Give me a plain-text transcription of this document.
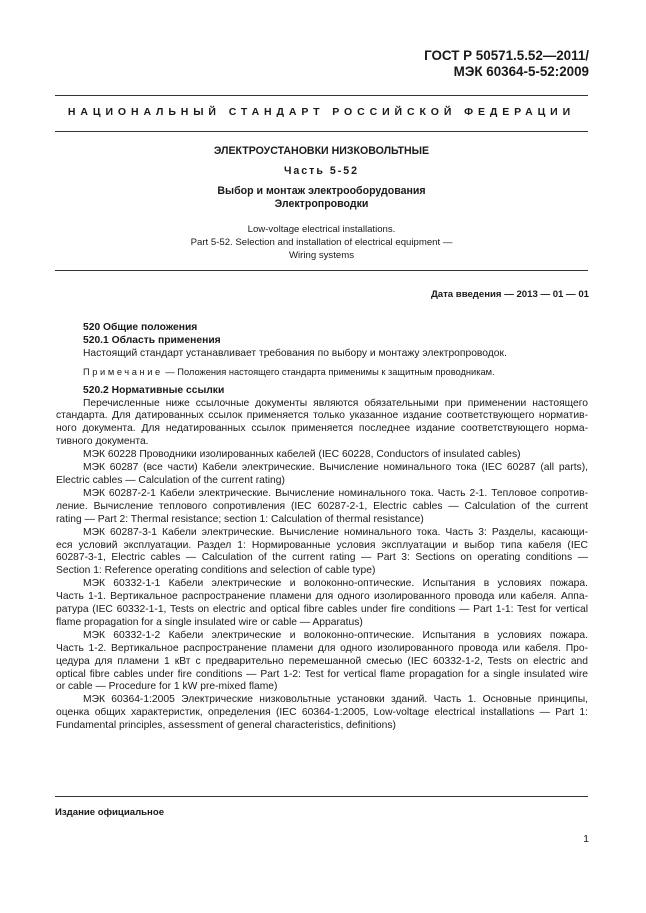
ГОСТ Р 50571.5.52—2011/
МЭК 60364-5-52:2009
НАЦИОНАЛЬНЫЙ СТАНДАРТ РОССИЙСКОЙ ФЕДЕРАЦИИ
ЭЛЕКТРОУСТАНОВКИ НИЗКОВОЛЬТНЫЕ
Часть 5-52
Выбор и монтаж электрооборудования
Электропроводки
Low-voltage electrical installations.
Part 5-52. Selection and installation of electrical equipment —
Wiring systems
Дата введения — 2013 — 01 — 01

520 Общие положения

520.1 Область применения

Настоящий стандарт устанавливает требования по выбору и монтажу электропроводок.

Примечание — Положения настоящего стандарта применимы к защитным проводникам.

520.2 Нормативные ссылки

Перечисленные ниже ссылочные документы являются обязательными при применении настоящего
стандарта. Для датированных ссылок применяется только указанное издание соответствующего норматив-
ного документа. Для недатированных ссылок применяется последнее издание соответствующего норма-
тивного документа.
МЭК 60228 Проводники изолированных кабелей (IEC 60228, Conductors of insulated cables)
МЭК 60287 (все части) Кабели электрические. Вычисление номинального тока (IEC 60287 (all parts),
Electric cables — Calculation of the current rating)
МЭК 60287-2-1 Кабели электрические. Вычисление номинального тока. Часть 2-1. Тепловое сопротив-
ление. Вычисление теплового сопротивления (IEC 60287-2-1, Electric cables — Calculation of the current
rating — Part 2: Thermal resistance; section 1: Calculation of thermal resistance)
МЭК 60287-3-1 Кабели электрические. Вычисление номинального тока. Часть 3: Разделы, касающи-
еся условий эксплуатации. Раздел 1: Нормированные условия эксплуатации и выбор типа кабеля (IEC
60287-3-1, Electric cables — Calculation of the current rating — Part 3: Sections on operating conditions —
Section 1: Reference operating conditions and selection of cable type)
МЭК 60332-1-1 Кабели электрические и волоконно-оптические. Испытания в условиях пожара.
Часть 1-1. Вертикальное распространение пламени для одного изолированного провода или кабеля. Аппа-
ратура (IEC 60332-1-1, Tests on electric and optical fibre cables under fire conditions — Part 1-1: Test for vertical
flame propagation for a single insulated wire or cable — Apparatus)
МЭК 60332-1-2 Кабели электрические и волоконно-оптические. Испытания в условиях пожара.
Часть 1-2. Вертикальное распространение пламени для одного изолированного провода или кабеля. Про-
цедура для пламени 1 кВт с предварительно перемешанной смесью (IEC 60332-1-2, Tests on electric and
optical fibre cables under fire conditions — Part 1-2: Test for vertical flame propagation for a single insulated wire
or cable — Procedure for 1 kW pre-mixed flame)
МЭК 60364-1:2005 Электрические низковольтные установки зданий. Часть 1. Основные принципы,
оценка общих характеристик, определения (IEC 60364-1:2005, Low-voltage electrical installations — Part 1:
Fundamental principles, assessment of general characteristics, definitions)
Издание официальное
1
